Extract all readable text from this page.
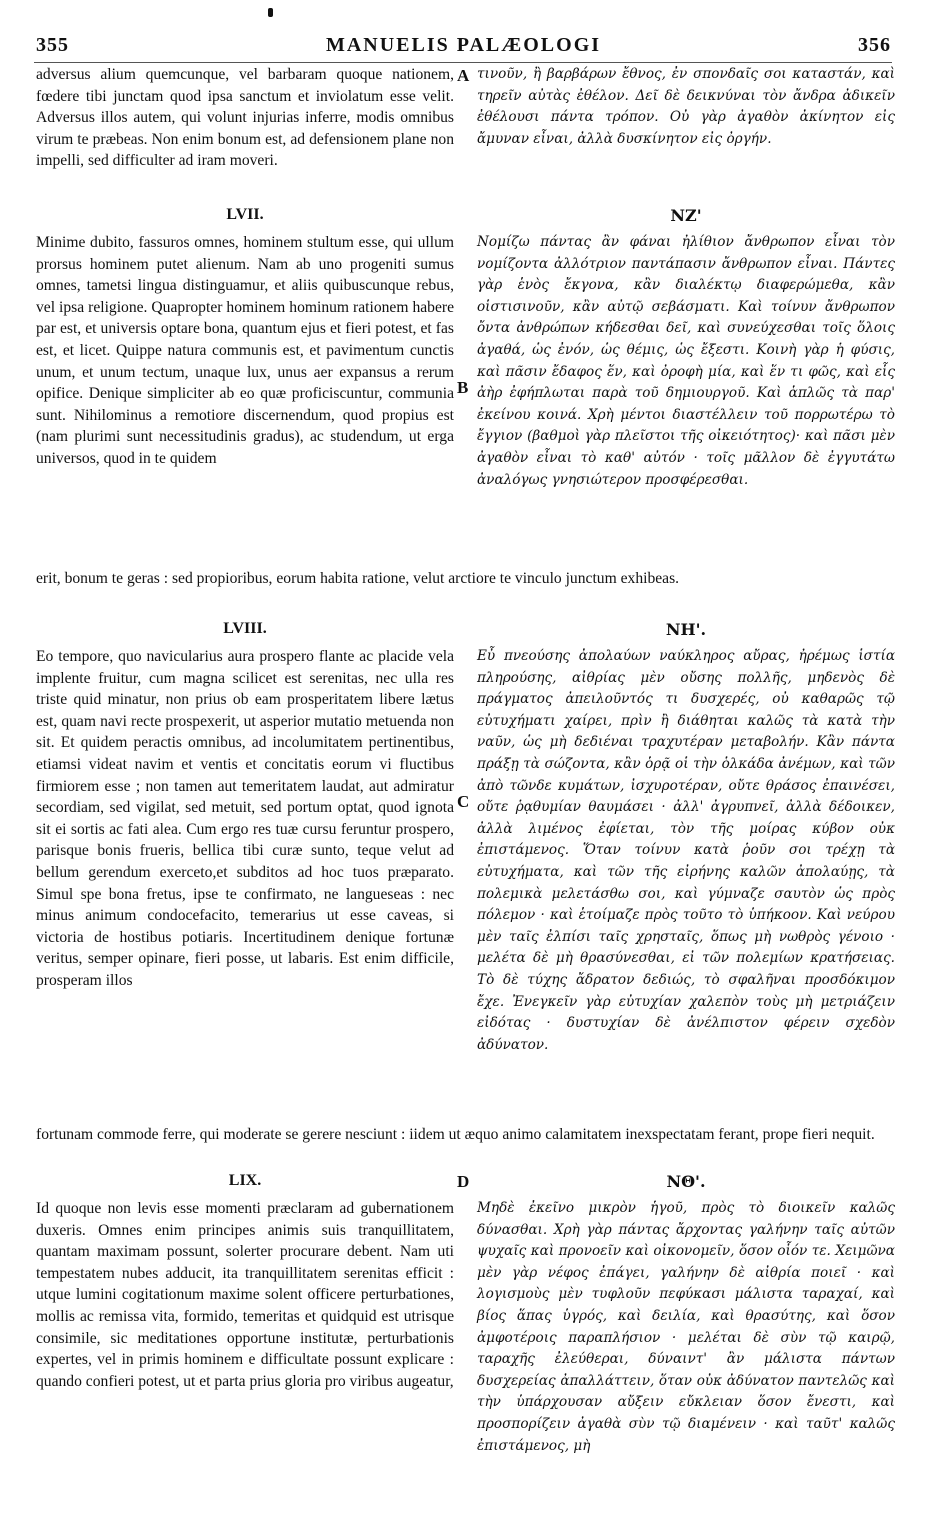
355	MANUELIS PALÆOLOGI	356
adversus alium quemcunque, vel barbaram quoque nationem, fœdere tibi junctam quod ipsa sanctum et inviolatum esse velit. Adversus illos autem, qui volunt injurias inferre, modis omnibus virum te præbeas. Non enim bonum est, ad defensionem plane non impelli, sed difficulter ad iram moveri.
τινοῦν, ἢ βαρβάρων ἔθνος, ἐν σπονδαῖς σοι καταστάν, καὶ τηρεῖν αὐτὰς ἐθέλον. Δεῖ δὲ δεικνύναι τὸν ἄνδρα ἀδικεῖν ἐθέλουσι πάντα τρόπον. Οὐ γὰρ ἀγαθὸν ἀκίνητον εἰς ἄμυναν εἶναι, ἀλλὰ δυσκίνητον εἰς ὀργήν.
A
LVII.	ΝΖ'
Minime dubito, fassuros omnes, hominem stultum esse, qui ullum prorsus hominem putet alienum. Nam ab uno progeniti sumus omnes, tametsi lingua distinguamur, et aliis quibuscunque rebus, vel ipsa religione. Quapropter hominem hominum rationem habere par est, et universis optare bona, quantum ejus et fieri potest, et fas est, et licet. Quippe natura communis est, et pavimentum cunctis unum, et unum tectum, unaque lux, unus aer expansus a rerum opifice. Denique simpliciter ab eo quæ proficiscuntur, communia sunt. Nihilominus a remotiore discernendum, quod propius est (nam plurimi sunt necessitudinis gradus), ac studendum, ut erga universos, quod in te quidem
Νομίζω πάντας ἂν φάναι ἠλίθιον ἄνθρωπον εἶναι τὸν νομίζοντα ἀλλότριον παντάπασιν ἄνθρωπον εἶναι. Πάντες γὰρ ἑνὸς ἔκγονα, κἂν διαλέκτῳ διαφερώμεθα, κἂν οἱστισινοῦν, κἂν αὐτῷ σεβάσματι. Καὶ τοίνυν ἄνθρωπον ὄντα ἀνθρώπων κήδεσθαι δεῖ, καὶ συνεύχεσθαι τοῖς ὅλοις ἀγαθά, ὡς ἐνόν, ὡς θέμις, ὡς ἔξεστι. Κοινὴ γὰρ ἡ φύσις, καὶ πᾶσιν ἔδαφος ἕν, καὶ ὀροφὴ μία, καὶ ἕν τι φῶς, καὶ εἷς ἀὴρ ἐφήπλωται παρὰ τοῦ δημιουργοῦ. Καὶ ἁπλῶς τὰ παρ' ἐκείνου κοινά. Χρὴ μέντοι διαστέλλειν τοῦ πορρωτέρω τὸ ἔγγιον (βαθμοὶ γὰρ πλεῖστοι τῆς οἰκειότητος)· καὶ πᾶσι μὲν ἀγαθὸν εἶναι τὸ καθ' αὐτόν · τοῖς μᾶλλον δὲ ἐγγυτάτω ἀναλόγως γνησιώτερον προσφέρεσθαι.
B
erit, bonum te geras : sed propioribus, eorum habita ratione, velut arctiore te vinculo junctum exhibeas.
LVIII.	ΝΗ'.
Eo tempore, quo navicularius aura prospero flante ac placide vela implente fruitur, cum magna scilicet est serenitas, nec ulla res triste quid minatur, non prius ob eam prosperitatem libere lætus est, quam navi recte prospexerit, ut asperior mutatio metuenda non sit. Et quidem peractis omnibus, ad incolumitatem pertinentibus, etiamsi videat navim et ventis et concitatis eorum vi fluctibus firmiorem esse ; non tamen aut temeritatem laudat, aut admiratur secordiam, sed vigilat, sed metuit, sed portum optat, quod ignota sit ei sortis ac fati alea. Cum ergo res tuæ cursu feruntur prospero, parisque bonis frueris, bellica tibi curæ sunto, teque velut ad bellum gerendum exerceto,et subditos ad hoc tuos præparato. Simul spe bona fretus, ipse te confirmato, ne langueseas : nec minus animum condocefacito, temerarius ut esse caveas, si victoria de hostibus potiaris. Incertitudinem denique fortunæ veritus, semper opinare, fieri posse, ut labaris. Est enim difficile, prosperam illos
Εὖ πνεούσης ἀπολαύων ναύκληρος αὔρας, ἠρέμως ἱστία πληρούσης, αἰθρίας μὲν οὔσης πολλῆς, μηδενὸς δὲ πράγματος ἀπειλοῦντός τι δυσχερές, οὐ καθαρῶς τῷ εὐτυχήματι χαίρει, πρὶν ἢ διάθηται καλῶς τὰ κατὰ τὴν ναῦν, ὡς μὴ δεδιέναι τραχυτέραν μεταβολήν. Κἂν πάντα πράξῃ τὰ σώζοντα, κἂν ὁρᾷ οἱ τὴν ὁλκάδα ἀνέμων, καὶ τῶν ἀπὸ τῶνδε κυμάτων, ἰσχυροτέραν, οὔτε θράσος ἐπαινέσει, οὔτε ῥᾳθυμίαν θαυμάσει · ἀλλ' ἀγρυπνεῖ, ἀλλὰ δέδοικεν, ἀλλὰ λιμένος ἐφίεται, τὸν τῆς μοίρας κύβον οὐκ ἐπιστάμενος. Ὅταν τοίνυν κατὰ ῥοῦν σοι τρέχῃ τὰ εὐτυχήματα, καὶ τῶν τῆς εἰρήνης καλῶν ἀπολαύῃς, τὰ πολεμικὰ μελετάσθω σοι, καὶ γύμναζε σαυτὸν ὡς πρὸς πόλεμον · καὶ ἑτοίμαζε πρὸς τοῦτο τὸ ὑπήκοον. Καὶ νεύρου μὲν ταῖς ἐλπίσι ταῖς χρησταῖς, ὅπως μὴ νωθρὸς γένοιο · μελέτα δὲ μὴ θρασύνεσθαι, εἰ τῶν πολεμίων κρατήσειας. Τὸ δὲ τύχης ἄδρατον δεδιώς, τὸ σφαλῆναι προσδόκιμον ἔχε. Ἐνεγκεῖν γὰρ εὐτυχίαν χαλεπὸν τοὺς μὴ μετριάζειν εἰδότας · δυστυχίαν δὲ ἀνέλπιστον φέρειν σχεδὸν ἀδύνατον.
C
fortunam commode ferre, qui moderate se gerere nesciunt : iidem ut æquo animo calamitatem inexspectatam ferant, prope fieri nequit.
LIX.	ΝΘ'.
D
Id quoque non levis esse momenti præclaram ad gubernationem duxeris. Omnes enim principes animis suis tranquillitatem, quantam maximam possunt, solerter procurare debent. Nam uti tempestatem nubes adducit, ita tranquillitatem serenitas efficit : utque lumini cogitationum maxime solent officere perturbationes, mollis ac remissa vita, formido, temeritas et quidquid est utrisque consimile, sic meditationes opportune institutæ, perturbationis expertes, vel in primis hominem e difficultate possunt explicare : quando confieri potest, ut et parta prius gloria pro viribus augeatur,
Μηδὲ ἐκεῖνο μικρὸν ἡγοῦ, πρὸς τὸ διοικεῖν καλῶς δύνασθαι. Χρὴ γὰρ πάντας ἄρχοντας γαλήνην ταῖς αὐτῶν ψυχαῖς καὶ προνοεῖν καὶ οἰκονομεῖν, ὅσον οἷόν τε. Χειμῶνα μὲν γὰρ νέφος ἐπάγει, γαλήνην δὲ αἰθρία ποιεῖ · καὶ λογισμοὺς μὲν τυφλοῦν πεφύκασι μάλιστα ταραχαί, καὶ βίος ἅπας ὑγρός, καὶ δειλία, καὶ θρασύτης, καὶ ὅσον ἀμφοτέροις παραπλήσιον · μελέται δὲ σὺν τῷ καιρῷ, ταραχῆς ἐλεύθεραι, δύναιντ' ἂν μάλιστα πάντων δυσχερείας ἀπαλλάττειν, ὅταν οὐκ ἀδύνατον παντελῶς καὶ τὴν ὑπάρχουσαν αὔξειν εὔκλειαν ὅσον ἔνεστι, καὶ προσπορίζειν ἀγαθὰ σὺν τῷ διαμένειν · καὶ ταῦτ' καλῶς ἐπιστάμενος, μὴ
